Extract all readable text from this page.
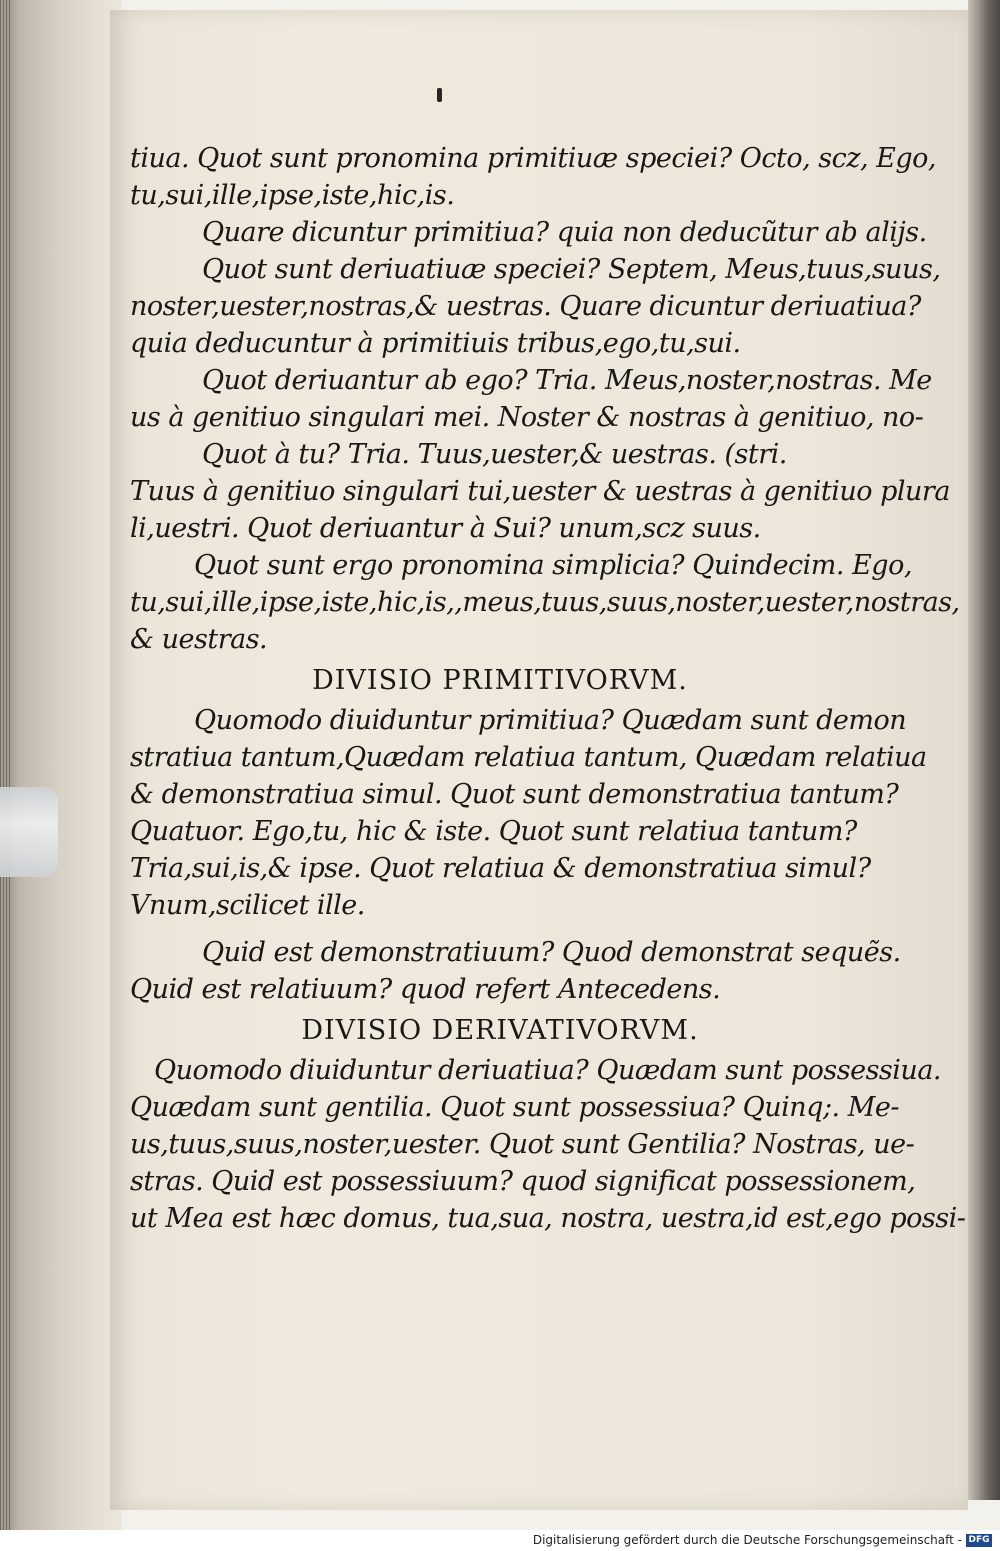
tiua. Quot sunt pronomina primitiuæ speciei? Octo, scz, Ego,
tu,sui,ille,ipse,iste,hic,is.
Quare dicuntur primitiua? quia non deducũtur ab alijs.
Quot sunt deriuatiuæ speciei? Septem, Meus,tuus,suus,
noster,uester,nostras,& uestras. Quare dicuntur deriuatiua?
quia deducuntur à primitiuis tribus,ego,tu,sui.
Quot deriuantur ab ego? Tria. Meus,noster,nostras. Me
us à genitiuo singulari mei. Noster & nostras à genitiuo, no-
Quot à tu? Tria. Tuus,uester,& uestras. (stri.
Tuus à genitiuo singulari tui,uester & uestras à genitiuo plura
li,uestri. Quot deriuantur à Sui? unum,scz suus.
Quot sunt ergo pronomina simplicia? Quindecim. Ego,
tu,sui,ille,ipse,iste,hic,is,,meus,tuus,suus,noster,uester,nostras,
& uestras.
DIVISIO PRIMITIVORVM.
Quomodo diuiduntur primitiua? Quædam sunt demon
stratiua tantum,Quædam relatiua tantum, Quædam relatiua
& demonstratiua simul. Quot sunt demonstratiua tantum?
Quatuor. Ego,tu, hic & iste. Quot sunt relatiua tantum?
Tria,sui,is,& ipse. Quot relatiua & demonstratiua simul?
Vnum,scilicet ille.
Quid est demonstratiuum? Quod demonstrat sequẽs.
Quid est relatiuum? quod refert Antecedens.
DIVISIO DERIVATIVORVM.
Quomodo diuiduntur deriuatiua? Quædam sunt possessiua.
Quædam sunt gentilia. Quot sunt possessiua? Quinq;. Me-
us,tuus,suus,noster,uester. Quot sunt Gentilia? Nostras, ue-
stras. Quid est possessiuum? quod significat possessionem,
ut Mea est hæc domus, tua,sua, nostra, uestra,id est,ego possi-
Digitalisierung gefördert durch die Deutsche Forschungsgemeinschaft - DFG
